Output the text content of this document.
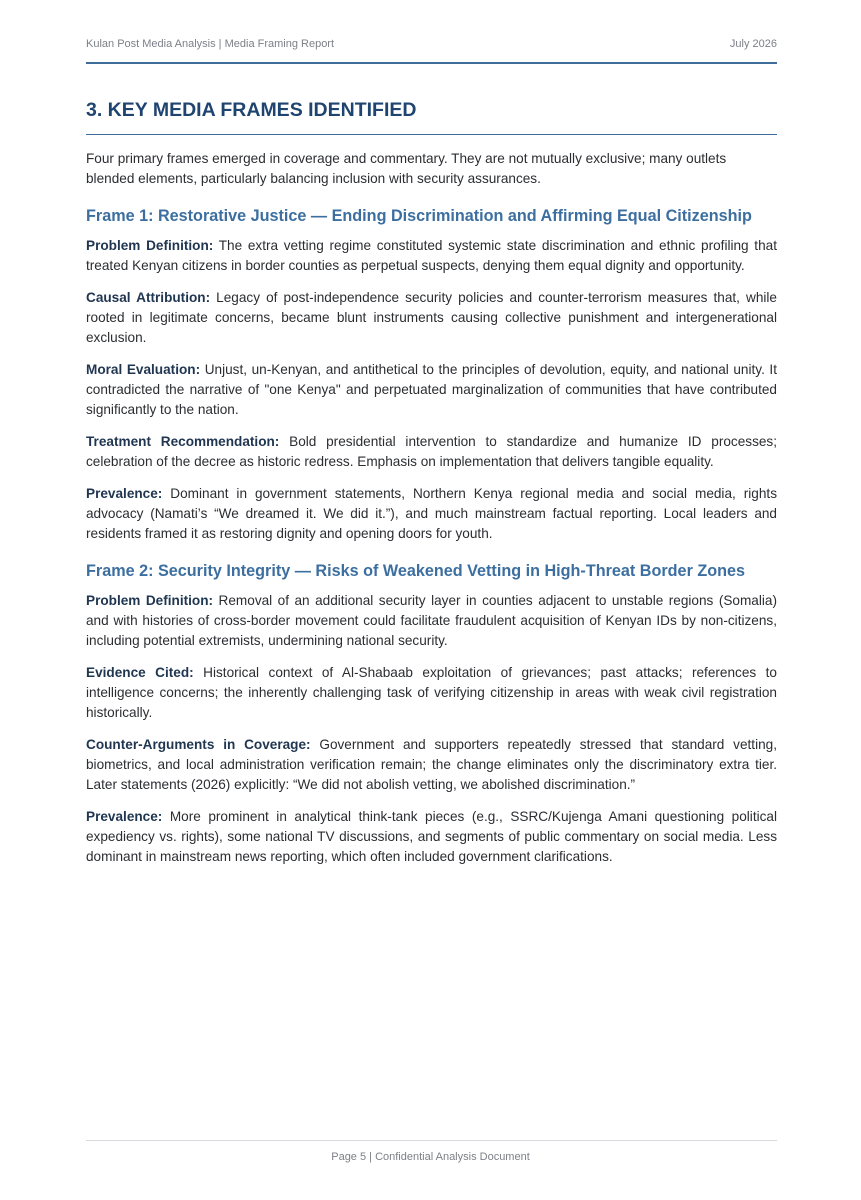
Kulan Post Media Analysis | Media Framing Report	July 2026
3. KEY MEDIA FRAMES IDENTIFIED

Four primary frames emerged in coverage and commentary. They are not mutually exclusive; many outlets blended elements, particularly balancing inclusion with security assurances.

Frame 1: Restorative Justice — Ending Discrimination and Affirming Equal Citizenship

Problem Definition: The extra vetting regime constituted systemic state discrimination and ethnic profiling that treated Kenyan citizens in border counties as perpetual suspects, denying them equal dignity and opportunity.

Causal Attribution: Legacy of post-independence security policies and counter-terrorism measures that, while rooted in legitimate concerns, became blunt instruments causing collective punishment and intergenerational exclusion.

Moral Evaluation: Unjust, un-Kenyan, and antithetical to the principles of devolution, equity, and national unity. It contradicted the narrative of "one Kenya" and perpetuated marginalization of communities that have contributed significantly to the nation.

Treatment Recommendation: Bold presidential intervention to standardize and humanize ID processes; celebration of the decree as historic redress. Emphasis on implementation that delivers tangible equality.

Prevalence: Dominant in government statements, Northern Kenya regional media and social media, rights advocacy (Namati’s “We dreamed it. We did it.”), and much mainstream factual reporting. Local leaders and residents framed it as restoring dignity and opening doors for youth.

Frame 2: Security Integrity — Risks of Weakened Vetting in High-Threat Border Zones

Problem Definition: Removal of an additional security layer in counties adjacent to unstable regions (Somalia) and with histories of cross-border movement could facilitate fraudulent acquisition of Kenyan IDs by non-citizens, including potential extremists, undermining national security.

Evidence Cited: Historical context of Al-Shabaab exploitation of grievances; past attacks; references to intelligence concerns; the inherently challenging task of verifying citizenship in areas with weak civil registration historically.

Counter-Arguments in Coverage: Government and supporters repeatedly stressed that standard vetting, biometrics, and local administration verification remain; the change eliminates only the discriminatory extra tier. Later statements (2026) explicitly: “We did not abolish vetting, we abolished discrimination.”

Prevalence: More prominent in analytical think-tank pieces (e.g., SSRC/Kujenga Amani questioning political expediency vs. rights), some national TV discussions, and segments of public commentary on social media. Less dominant in mainstream news reporting, which often included government clarifications.

Page 5 | Confidential Analysis Document
